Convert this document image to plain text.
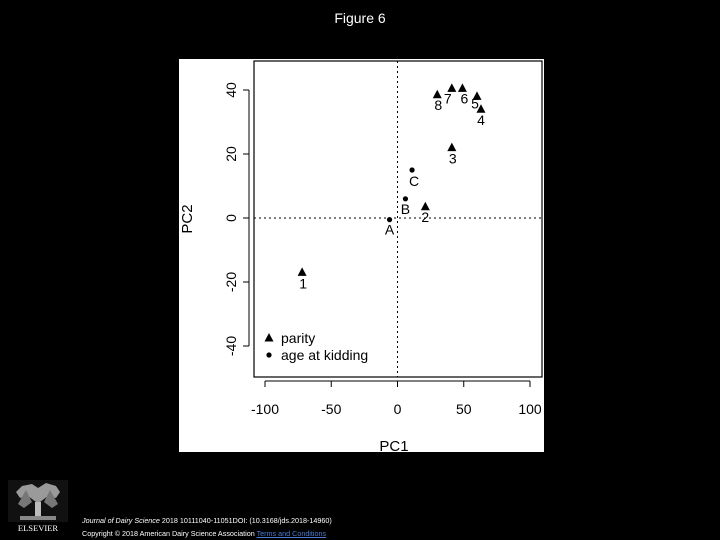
Figure 6
-100	-50	0	50	100
PC1
-40
-20
0
20
40
PC2
1
2
3
4
5
6
7
8
A
B
C
parity
age at kidding
ELSEVIER
Journal of Dairy Science 2018 10111040-11051DOI: (10.3168/jds.2018-14960)
Copyright © 2018 American Dairy Science Association Terms and Conditions
